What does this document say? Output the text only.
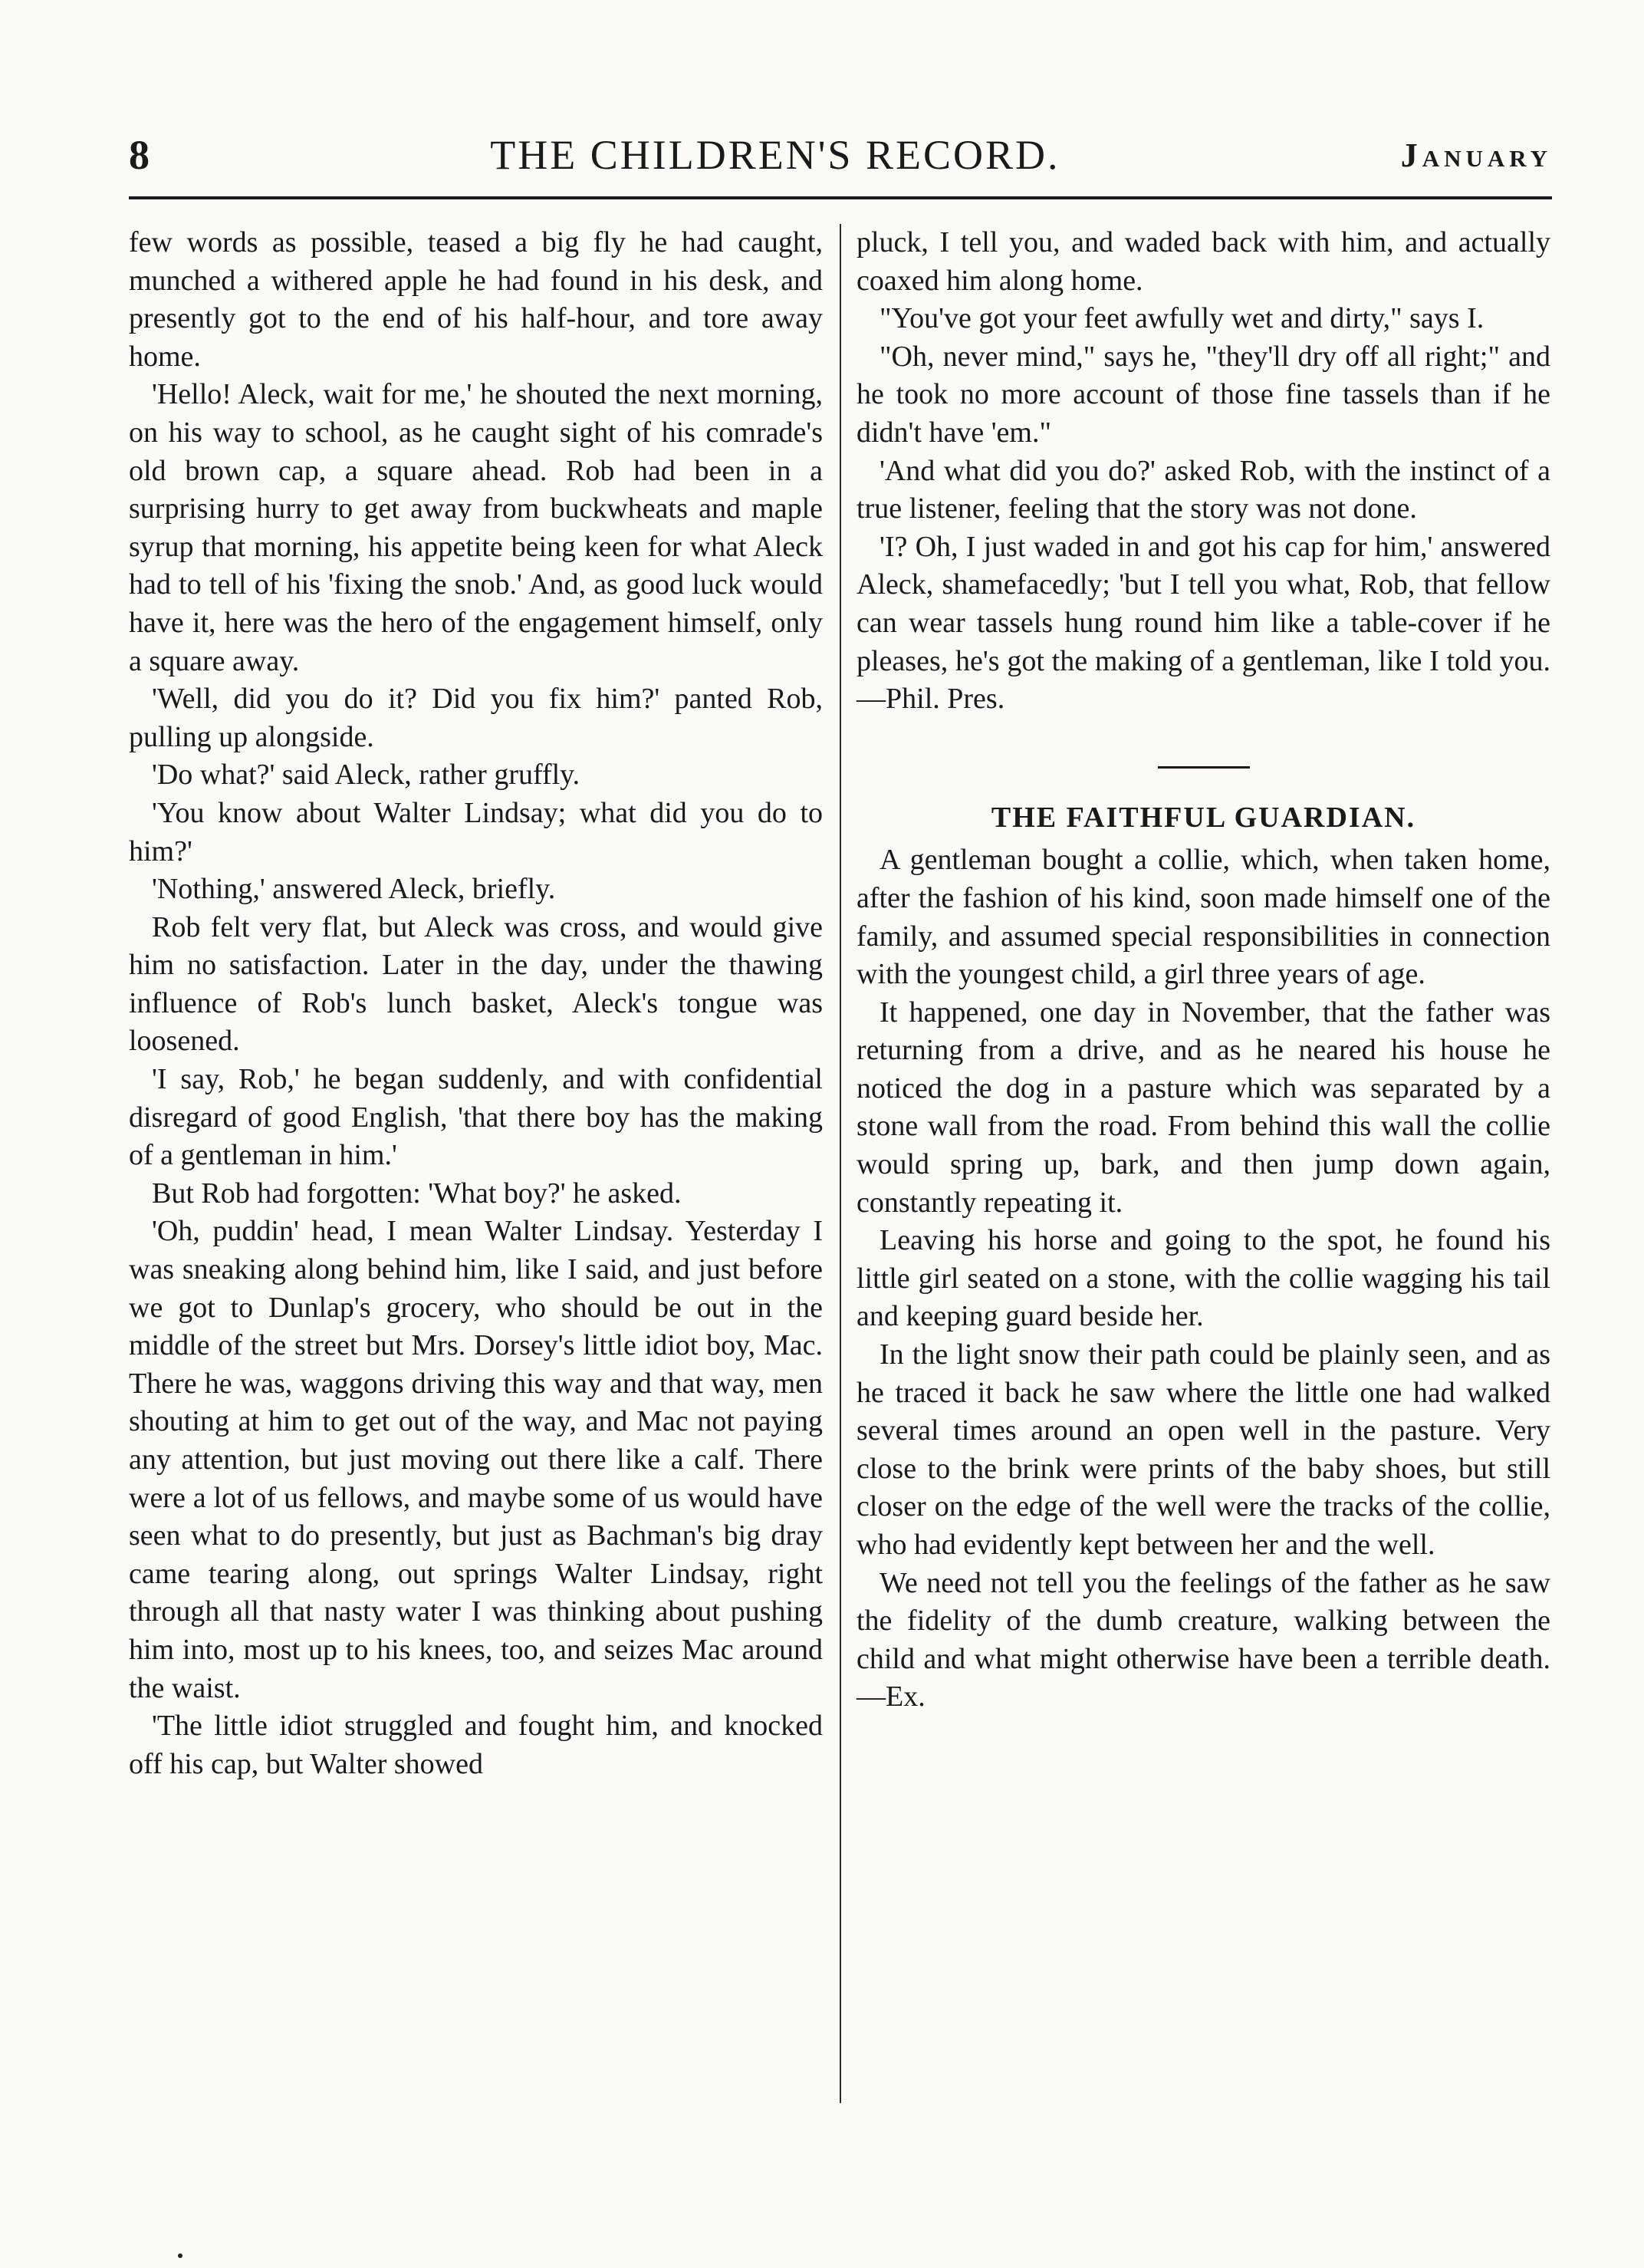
8	THE CHILDREN'S RECORD.	January

few words as possible, teased a big fly he had caught, munched a withered apple he had found in his desk, and presently got to the end of his half-hour, and tore away home.

'Hello! Aleck, wait for me,' he shouted the next morning, on his way to school, as he caught sight of his comrade's old brown cap, a square ahead. Rob had been in a surprising hurry to get away from buckwheats and maple syrup that morning, his appetite being keen for what Aleck had to tell of his 'fixing the snob.' And, as good luck would have it, here was the hero of the engagement himself, only a square away.

'Well, did you do it? Did you fix him?' panted Rob, pulling up alongside.

'Do what?' said Aleck, rather gruffly.

'You know about Walter Lindsay; what did you do to him?'

'Nothing,' answered Aleck, briefly.

Rob felt very flat, but Aleck was cross, and would give him no satisfaction. Later in the day, under the thawing influence of Rob's lunch basket, Aleck's tongue was loosened.

'I say, Rob,' he began suddenly, and with confidential disregard of good English, 'that there boy has the making of a gentleman in him.'

But Rob had forgotten: 'What boy?' he asked.

'Oh, puddin' head, I mean Walter Lindsay. Yesterday I was sneaking along behind him, like I said, and just before we got to Dunlap's grocery, who should be out in the middle of the street but Mrs. Dorsey's little idiot boy, Mac. There he was, waggons driving this way and that way, men shouting at him to get out of the way, and Mac not paying any attention, but just moving out there like a calf. There were a lot of us fellows, and maybe some of us would have seen what to do presently, but just as Bachman's big dray came tearing along, out springs Walter Lindsay, right through all that nasty water I was thinking about pushing him into, most up to his knees, too, and seizes Mac around the waist.

'The little idiot struggled and fought him, and knocked off his cap, but Walter showed

pluck, I tell you, and waded back with him, and actually coaxed him along home.

"You've got your feet awfully wet and dirty," says I.

"Oh, never mind," says he, "they'll dry off all right;" and he took no more account of those fine tassels than if he didn't have 'em."

'And what did you do?' asked Rob, with the instinct of a true listener, feeling that the story was not done.

'I? Oh, I just waded in and got his cap for him,' answered Aleck, shamefacedly; 'but I tell you what, Rob, that fellow can wear tassels hung round him like a table-cover if he pleases, he's got the making of a gentleman, like I told you.—Phil. Pres.

THE FAITHFUL GUARDIAN.

A gentleman bought a collie, which, when taken home, after the fashion of his kind, soon made himself one of the family, and assumed special responsibilities in connection with the youngest child, a girl three years of age.

It happened, one day in November, that the father was returning from a drive, and as he neared his house he noticed the dog in a pasture which was separated by a stone wall from the road. From behind this wall the collie would spring up, bark, and then jump down again, constantly repeating it.

Leaving his horse and going to the spot, he found his little girl seated on a stone, with the collie wagging his tail and keeping guard beside her.

In the light snow their path could be plainly seen, and as he traced it back he saw where the little one had walked several times around an open well in the pasture. Very close to the brink were prints of the baby shoes, but still closer on the edge of the well were the tracks of the collie, who had evidently kept between her and the well.

We need not tell you the feelings of the father as he saw the fidelity of the dumb creature, walking between the child and what might otherwise have been a terrible death.—Ex.
